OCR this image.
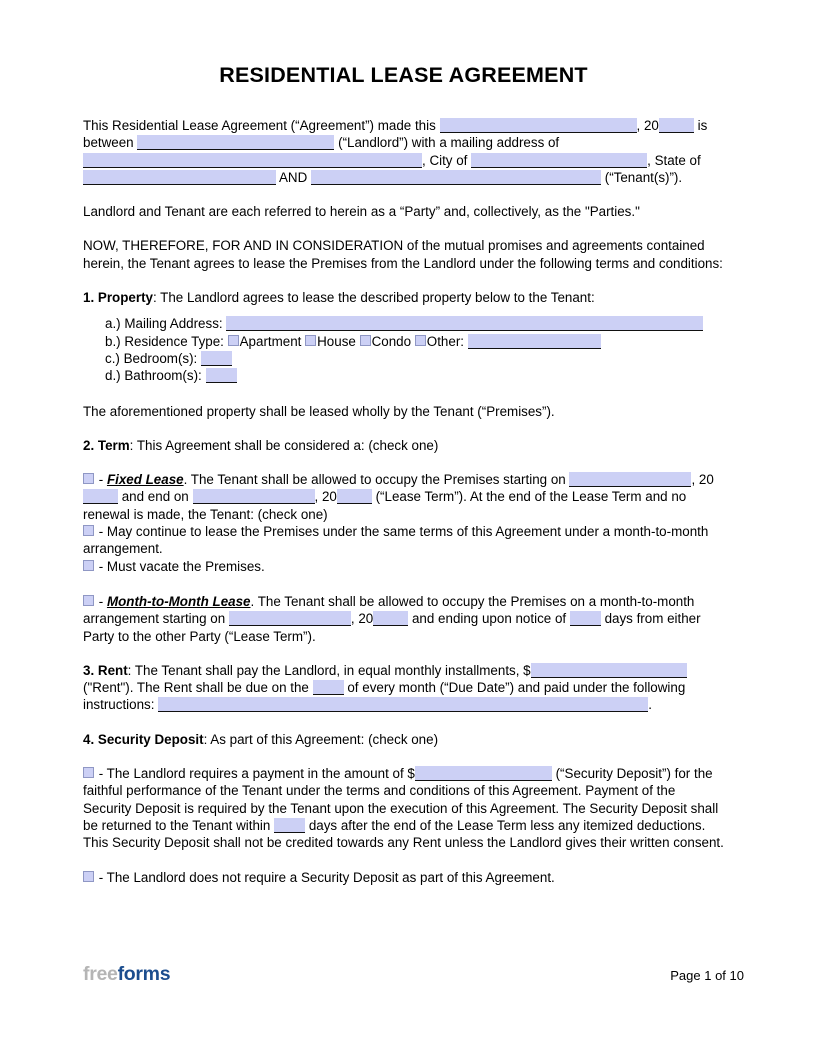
RESIDENTIAL LEASE AGREEMENT

This Residential Lease Agreement (“Agreement”) made this	, 20	is between	(“Landlord”) with a mailing address of , City of	, State of  AND	(“Tenant(s)”).

Landlord and Tenant are each referred to herein as a “Party” and, collectively, as the "Parties."

NOW, THEREFORE, FOR AND IN CONSIDERATION of the mutual promises and agreements contained herein, the Tenant agrees to lease the Premises from the Landlord under the following terms and conditions:

1. Property: The Landlord agrees to lease the described property below to the Tenant:

a.) Mailing Address:
b.) Residence Type: Apartment House Condo Other:
c.) Bedroom(s):
d.) Bathroom(s):

The aforementioned property shall be leased wholly by the Tenant (“Premises”).

2. Term: This Agreement shall be considered a: (check one)

- Fixed Lease. The Tenant shall be allowed to occupy the Premises starting on	, 20 and end on	, 20	(“Lease Term”). At the end of the Lease Term and no renewal is made, the Tenant: (check one)

- May continue to lease the Premises under the same terms of this Agreement under a month-to-month arrangement.

- Must vacate the Premises.

- Month-to-Month Lease. The Tenant shall be allowed to occupy the Premises on a month-to-month arrangement starting on	, 20	and ending upon notice of	days from either Party to the other Party (“Lease Term”).

3. Rent: The Tenant shall pay the Landlord, in equal monthly installments, $ ("Rent"). The Rent shall be due on the	of every month (“Due Date”) and paid under the following instructions:	.

4. Security Deposit: As part of this Agreement: (check one)

- The Landlord requires a payment in the amount of $	(“Security Deposit”) for the faithful performance of the Tenant under the terms and conditions of this Agreement. Payment of the Security Deposit is required by the Tenant upon the execution of this Agreement. The Security Deposit shall be returned to the Tenant within	days after the end of the Lease Term less any itemized deductions. This Security Deposit shall not be credited towards any Rent unless the Landlord gives their written consent.

- The Landlord does not require a Security Deposit as part of this Agreement.

freeforms	Page 1 of 10
